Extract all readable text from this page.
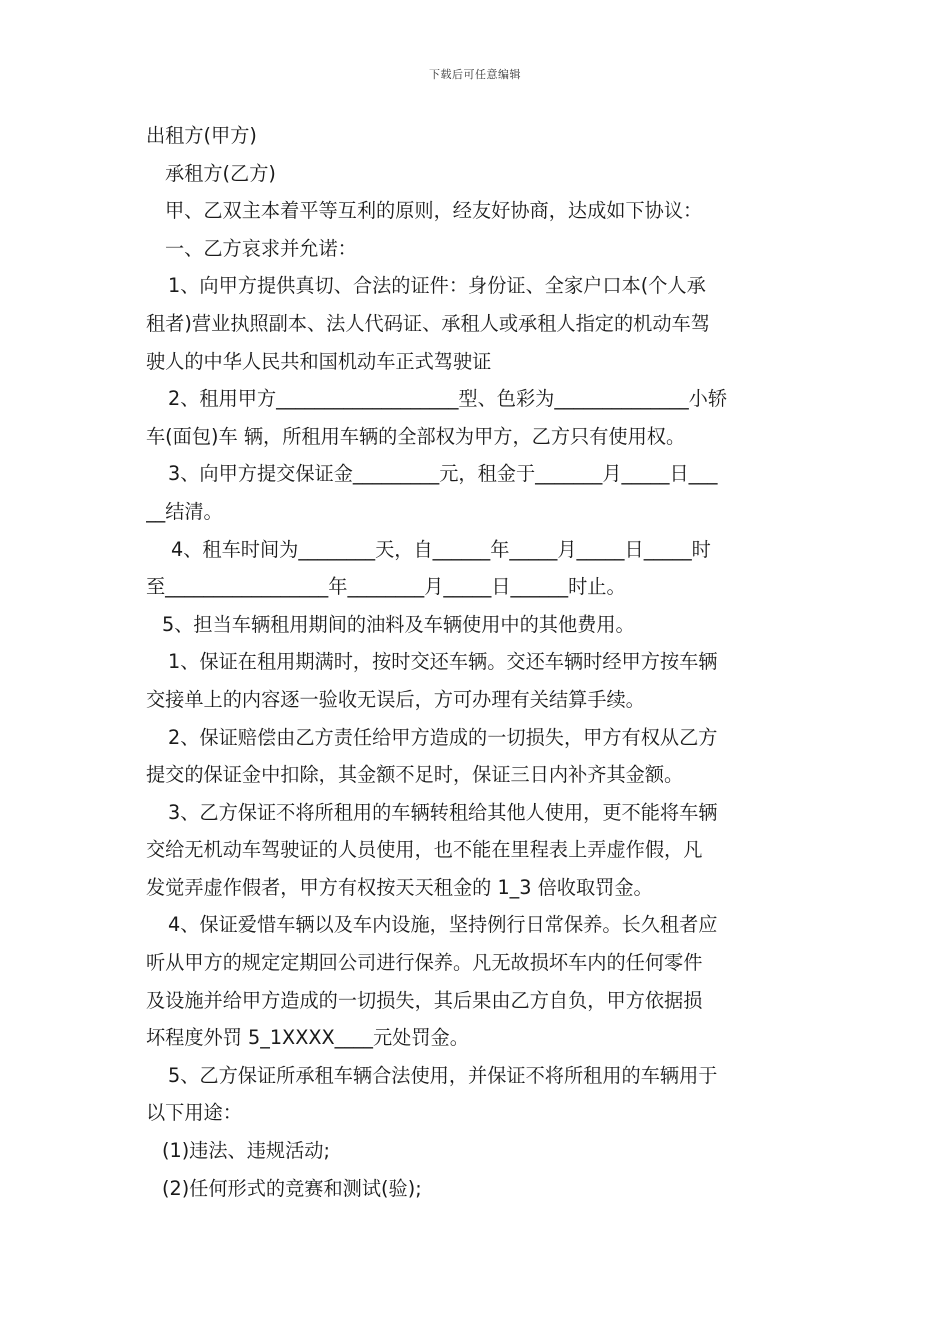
下载后可任意编辑
出租方(甲方)
承租方(乙方)
甲、乙双主本着平等互利的原则，经友好协商，达成如下协议：
一、乙方哀求并允诺：
1、向甲方提供真切、合法的证件：身份证、全家户口本(个人承
租者)营业执照副本、法人代码证、承租人或承租人指定的机动车驾
驶人的中华人民共和国机动车正式驾驶证
2、租用甲方___________________型、色彩为______________小轿
车(面包)车 辆，所租用车辆的全部权为甲方，乙方只有使用权。
3、向甲方提交保证金_________元，租金于_______月_____日___
__结清。
4、租车时间为________天，自______年_____月_____日_____时
至_________________年________月_____日______时止。
5、担当车辆租用期间的油料及车辆使用中的其他费用。
1、保证在租用期满时，按时交还车辆。交还车辆时经甲方按车辆
交接单上的内容逐一验收无误后，方可办理有关结算手续。
2、保证赔偿由乙方责任给甲方造成的一切损失，甲方有权从乙方
提交的保证金中扣除，其金额不足时，保证三日内补齐其金额。
3、乙方保证不将所租用的车辆转租给其他人使用，更不能将车辆
交给无机动车驾驶证的人员使用，也不能在里程表上弄虚作假，凡
发觉弄虚作假者，甲方有权按天天租金的 1_3 倍收取罚金。
4、保证爱惜车辆以及车内设施，坚持例行日常保养。长久租者应
听从甲方的规定定期回公司进行保养。凡无故损坏车内的任何零件
及设施并给甲方造成的一切损失，其后果由乙方自负，甲方依据损
坏程度外罚 5_1XXXX____元处罚金。
5、乙方保证所承租车辆合法使用，并保证不将所租用的车辆用于
以下用途：
(1)违法、违规活动;
(2)任何形式的竞赛和测试(验);
